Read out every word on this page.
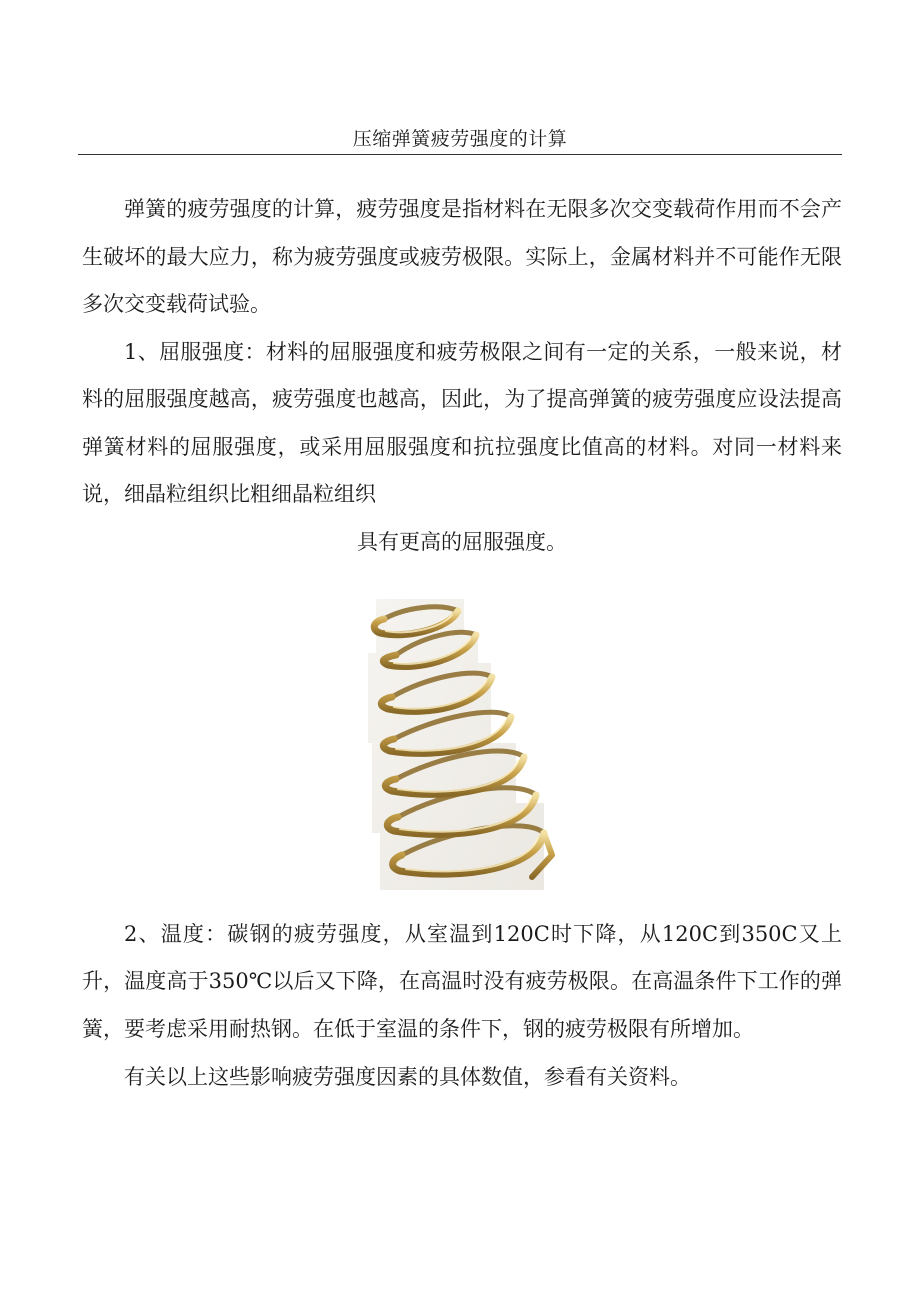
压缩弹簧疲劳强度的计算

弹簧的疲劳强度的计算，疲劳强度是指材料在无限多次交变载荷作用而不会产生破坏的最大应力，称为疲劳强度或疲劳极限。实际上，金属材料并不可能作无限多次交变载荷试验。

1、屈服强度：材料的屈服强度和疲劳极限之间有一定的关系，一般来说，材料的屈服强度越高，疲劳强度也越高，因此，为了提高弹簧的疲劳强度应设法提高弹簧材料的屈服强度，或采用屈服强度和抗拉强度比值高的材料。对同一材料来说，细晶粒组织比粗细晶粒组织

具有更高的屈服强度。

2、温度：碳钢的疲劳强度，从室温到120C时下降，从120C到350C又上升，温度高于350℃以后又下降，在高温时没有疲劳极限。在高温条件下工作的弹簧，要考虑采用耐热钢。在低于室温的条件下，钢的疲劳极限有所增加。

有关以上这些影响疲劳强度因素的具体数值，参看有关资料。
